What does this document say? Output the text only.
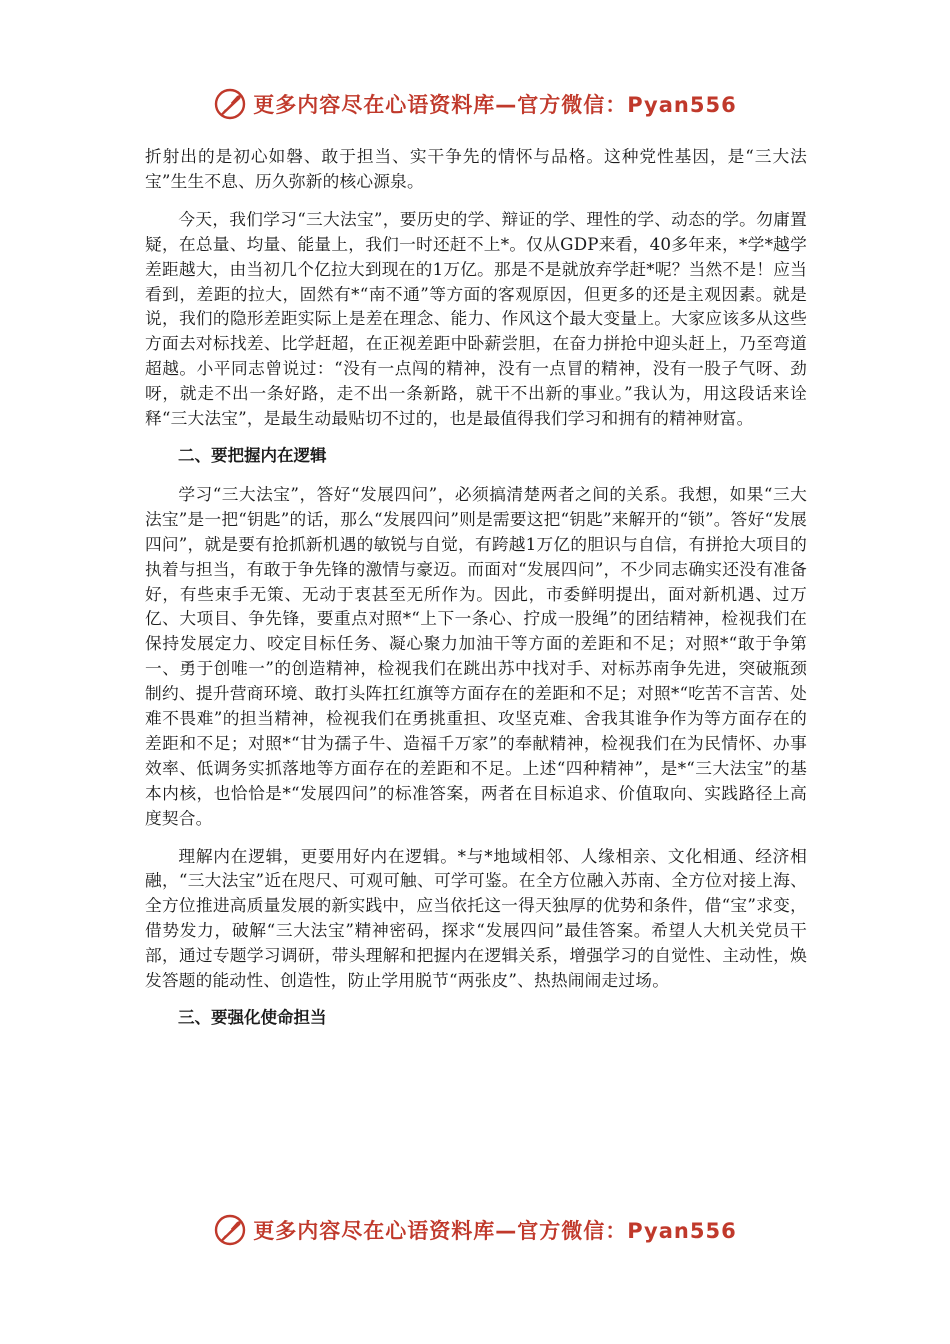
更多内容尽在心语资料库—官方微信：Pyan556

折射出的是初心如磐、敢于担当、实干争先的情怀与品格。这种党性基因，是“三大法宝”生生不息、历久弥新的核心源泉。

今天，我们学习“三大法宝”，要历史的学、辩证的学、理性的学、动态的学。勿庸置疑，在总量、均量、能量上，我们一时还赶不上*。仅从GDP来看，40多年来，*学*越学差距越大，由当初几个亿拉大到现在的1万亿。那是不是就放弃学赶*呢？当然不是！应当看到，差距的拉大，固然有*“南不通”等方面的客观原因，但更多的还是主观因素。就是说，我们的隐形差距实际上是差在理念、能力、作风这个最大变量上。大家应该多从这些方面去对标找差、比学赶超，在正视差距中卧薪尝胆，在奋力拼抢中迎头赶上，乃至弯道超越。小平同志曾说过：“没有一点闯的精神，没有一点冒的精神，没有一股子气呀、劲呀，就走不出一条好路，走不出一条新路，就干不出新的事业。”我认为，用这段话来诠释“三大法宝”，是最生动最贴切不过的，也是最值得我们学习和拥有的精神财富。

二、要把握内在逻辑

学习“三大法宝”，答好“发展四问”，必须搞清楚两者之间的关系。我想，如果“三大法宝”是一把“钥匙”的话，那么“发展四问”则是需要这把“钥匙”来解开的“锁”。答好“发展四问”，就是要有抢抓新机遇的敏锐与自觉，有跨越1万亿的胆识与自信，有拼抢大项目的执着与担当，有敢于争先锋的激情与豪迈。而面对“发展四问”，不少同志确实还没有准备好，有些束手无策、无动于衷甚至无所作为。因此，市委鲜明提出，面对新机遇、过万亿、大项目、争先锋，要重点对照*“上下一条心、拧成一股绳”的团结精神，检视我们在保持发展定力、咬定目标任务、凝心聚力加油干等方面的差距和不足；对照*“敢于争第一、勇于创唯一”的创造精神，检视我们在跳出苏中找对手、对标苏南争先进，突破瓶颈制约、提升营商环境、敢打头阵扛红旗等方面存在的差距和不足；对照*“吃苦不言苦、处难不畏难”的担当精神，检视我们在勇挑重担、攻坚克难、舍我其谁争作为等方面存在的差距和不足；对照*“甘为孺子牛、造福千万家”的奉献精神，检视我们在为民情怀、办事效率、低调务实抓落地等方面存在的差距和不足。上述“四种精神”，是*“三大法宝”的基本内核，也恰恰是*“发展四问”的标准答案，两者在目标追求、价值取向、实践路径上高度契合。

理解内在逻辑，更要用好内在逻辑。*与*地域相邻、人缘相亲、文化相通、经济相融，“三大法宝”近在咫尺、可观可触、可学可鉴。在全方位融入苏南、全方位对接上海、全方位推进高质量发展的新实践中，应当依托这一得天独厚的优势和条件，借“宝”求变，借势发力，破解“三大法宝”精神密码，探求“发展四问”最佳答案。希望人大机关党员干部，通过专题学习调研，带头理解和把握内在逻辑关系，增强学习的自觉性、主动性，焕发答题的能动性、创造性，防止学用脱节“两张皮”、热热闹闹走过场。

三、要强化使命担当
更多内容尽在心语资料库—官方微信：Pyan556
